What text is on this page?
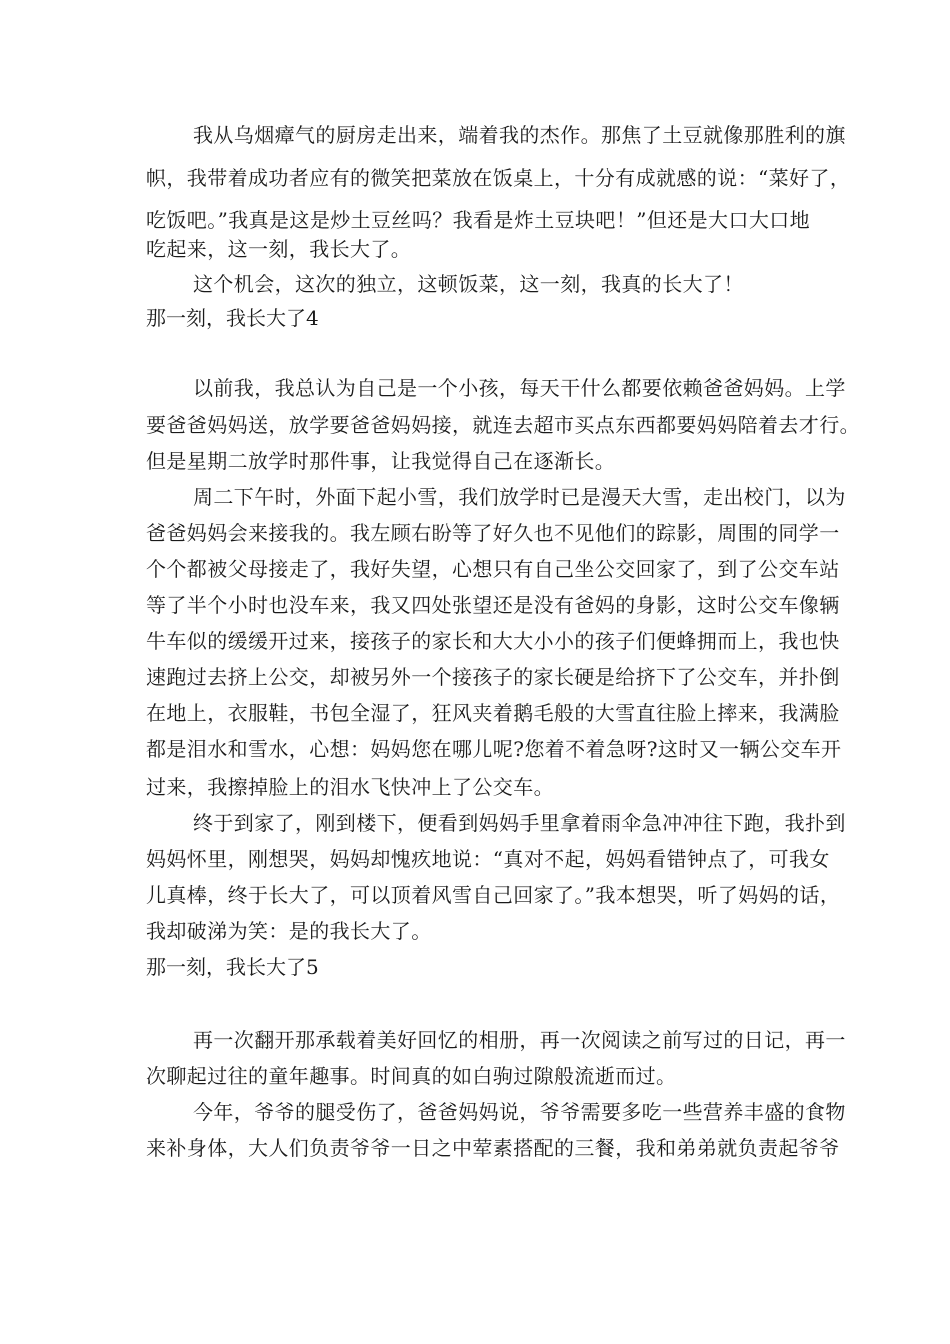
我从乌烟瘴气的厨房走出来，端着我的杰作。那焦了土豆就像那胜利的旗
帜，我带着成功者应有的微笑把菜放在饭桌上，十分有成就感的说：“菜好了，
吃饭吧。”我真是这是炒土豆丝吗？我看是炸土豆块吧！”但还是大口大口地
吃起来，这一刻，我长大了。
这个机会，这次的独立，这顿饭菜，这一刻，我真的长大了！
那一刻，我长大了4
以前我，我总认为自己是一个小孩，每天干什么都要依赖爸爸妈妈。上学
要爸爸妈妈送，放学要爸爸妈妈接，就连去超市买点东西都要妈妈陪着去才行。
但是星期二放学时那件事，让我觉得自己在逐渐长。
周二下午时，外面下起小雪，我们放学时已是漫天大雪，走出校门，以为
爸爸妈妈会来接我的。我左顾右盼等了好久也不见他们的踪影，周围的同学一
个个都被父母接走了，我好失望，心想只有自己坐公交回家了，到了公交车站
等了半个小时也没车来，我又四处张望还是没有爸妈的身影，这时公交车像辆
牛车似的缓缓开过来，接孩子的家长和大大小小的孩子们便蜂拥而上，我也快
速跑过去挤上公交，却被另外一个接孩子的家长硬是给挤下了公交车，并扑倒
在地上，衣服鞋，书包全湿了，狂风夹着鹅毛般的大雪直往脸上摔来，我满脸
都是泪水和雪水，心想：妈妈您在哪儿呢?您着不着急呀?这时又一辆公交车开
过来，我擦掉脸上的泪水飞快冲上了公交车。
终于到家了，刚到楼下，便看到妈妈手里拿着雨伞急冲冲往下跑，我扑到
妈妈怀里，刚想哭，妈妈却愧疚地说：“真对不起，妈妈看错钟点了，可我女
儿真棒，终于长大了，可以顶着风雪自己回家了。”我本想哭，听了妈妈的话，
我却破涕为笑：是的我长大了。
那一刻，我长大了5
再一次翻开那承载着美好回忆的相册，再一次阅读之前写过的日记，再一
次聊起过往的童年趣事。时间真的如白驹过隙般流逝而过。
今年，爷爷的腿受伤了，爸爸妈妈说，爷爷需要多吃一些营养丰盛的食物
来补身体，大人们负责爷爷一日之中荤素搭配的三餐，我和弟弟就负责起爷爷
